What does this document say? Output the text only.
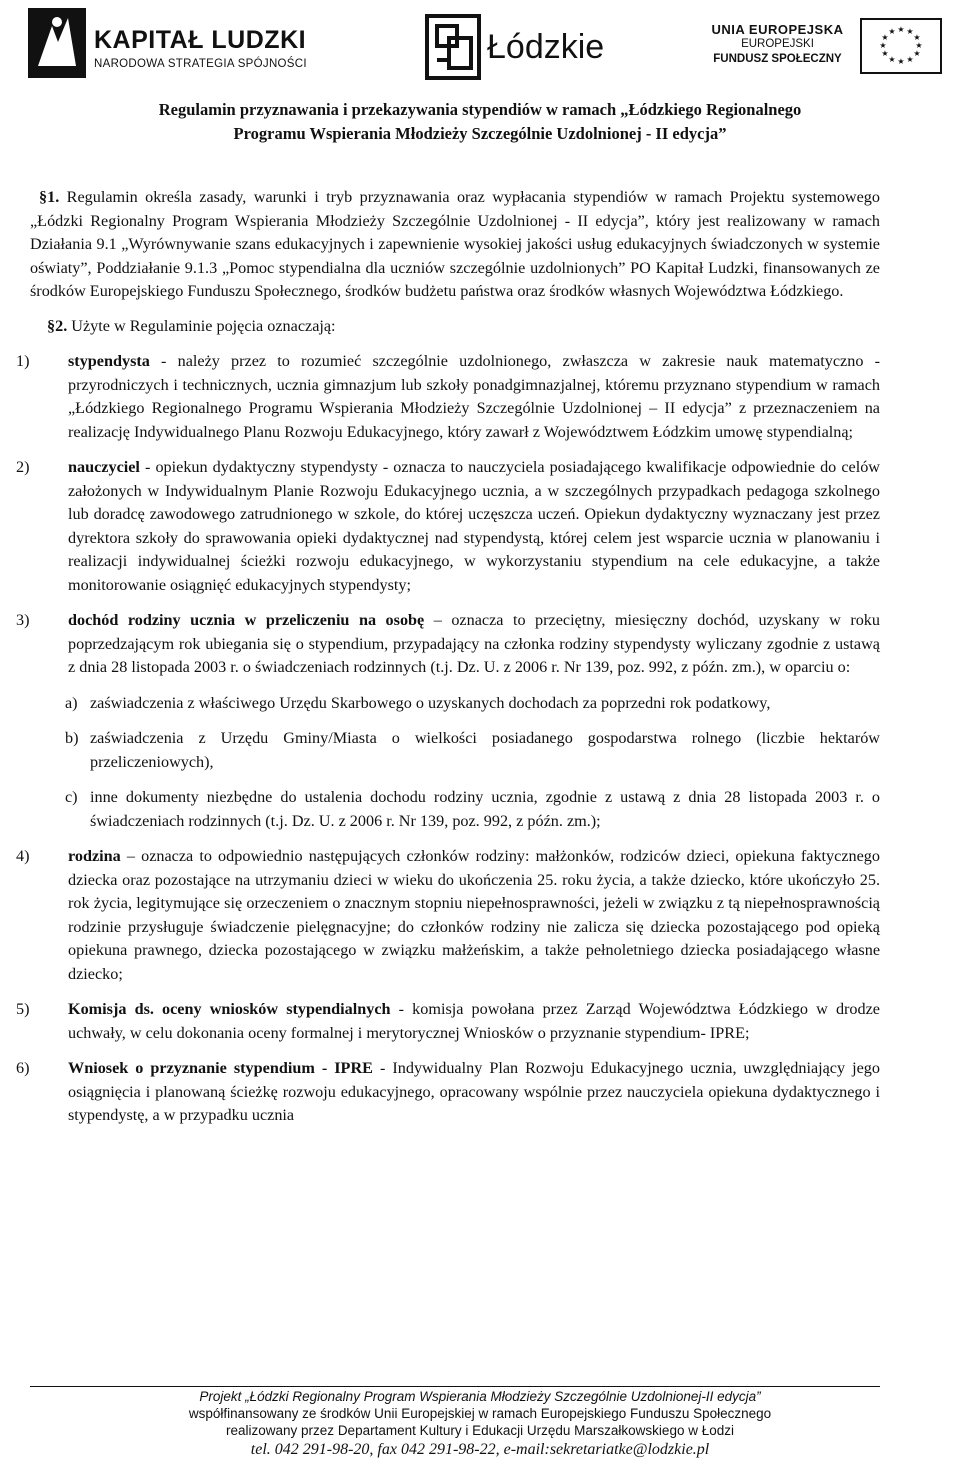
KAPITAŁ LUDZKI
NARODOWA STRATEGIA SPÓJNOŚCI	Łódzkie	UNIA EUROPEJSKA
EUROPEJSKI
FUNDUSZ SPOŁECZNY
★ ★
★
★
★
★
★
★
★
★
★
★
Regulamin przyznawania i przekazywania stypendiów w ramach „Łódzkiego Regionalnego
Programu Wspierania Młodzieży Szczególnie Uzdolnionej - II edycja”

§1. Regulamin określa zasady, warunki i tryb przyznawania oraz wypłacania stypendiów w ramach Projektu systemowego „Łódzki Regionalny Program Wspierania Młodzieży Szczególnie Uzdolnionej - II edycja”, który jest realizowany w ramach Działania 9.1 „Wyrównywanie szans edukacyjnych i zapewnienie wysokiej jakości usług edukacyjnych świadczonych w systemie oświaty”, Poddziałanie 9.1.3 „Pomoc stypendialna dla uczniów szczególnie uzdolnionych” PO Kapitał Ludzki, finansowanych ze środków Europejskiego Funduszu Społecznego, środków budżetu państwa oraz środków własnych Województwa Łódzkiego.

§2. Użyte w Regulaminie pojęcia oznaczają:

1) stypendysta - należy przez to rozumieć szczególnie uzdolnionego, zwłaszcza w zakresie nauk matematyczno - przyrodniczych i technicznych, ucznia gimnazjum lub szkoły ponadgimnazjalnej, któremu przyznano stypendium w ramach „Łódzkiego Regionalnego Programu Wspierania Młodzieży Szczególnie Uzdolnionej – II edycja” z przeznaczeniem na realizację Indywidualnego Planu Rozwoju Edukacyjnego, który zawarł z Województwem Łódzkim umowę stypendialną;
2) nauczyciel - opiekun dydaktyczny stypendysty - oznacza to nauczyciela posiadającego kwalifikacje odpowiednie do celów założonych w Indywidualnym Planie Rozwoju Edukacyjnego ucznia, a w szczególnych przypadkach pedagoga szkolnego lub doradcę zawodowego zatrudnionego w szkole, do której uczęszcza uczeń. Opiekun dydaktyczny wyznaczany jest przez dyrektora szkoły do sprawowania opieki dydaktycznej nad stypendystą, której celem jest wsparcie ucznia w planowaniu i realizacji indywidualnej ścieżki rozwoju edukacyjnego, w wykorzystaniu stypendium na cele edukacyjne, a także monitorowanie osiągnięć edukacyjnych stypendysty;
3) dochód rodziny ucznia w przeliczeniu na osobę – oznacza to przeciętny, miesięczny dochód, uzyskany w roku poprzedzającym rok ubiegania się o stypendium, przypadający na członka rodziny stypendysty wyliczany zgodnie z ustawą z dnia 28 listopada 2003 r. o świadczeniach rodzinnych (t.j. Dz. U. z 2006 r. Nr 139, poz. 992, z późn. zm.), w oparciu o:
a) zaświadczenia z właściwego Urzędu Skarbowego o uzyskanych dochodach za poprzedni rok podatkowy,
b) zaświadczenia z Urzędu Gminy/Miasta o wielkości posiadanego gospodarstwa rolnego (liczbie hektarów przeliczeniowych),
c) inne dokumenty niezbędne do ustalenia dochodu rodziny ucznia, zgodnie z ustawą z dnia 28 listopada 2003 r. o świadczeniach rodzinnych (t.j. Dz. U. z 2006 r. Nr 139, poz. 992, z późn. zm.);
4) rodzina – oznacza to odpowiednio następujących członków rodziny: małżonków, rodziców dzieci, opiekuna faktycznego dziecka oraz pozostające na utrzymaniu dzieci w wieku do ukończenia 25. roku życia, a także dziecko, które ukończyło 25. rok życia, legitymujące się orzeczeniem o znacznym stopniu niepełnosprawności, jeżeli w związku z tą niepełnosprawnością rodzinie przysługuje świadczenie pielęgnacyjne; do członków rodziny nie zalicza się dziecka pozostającego pod opieką opiekuna prawnego, dziecka pozostającego w związku małżeńskim, a także pełnoletniego dziecka posiadającego własne dziecko;
5) Komisja ds. oceny wniosków stypendialnych - komisja powołana przez Zarząd Województwa Łódzkiego w drodze uchwały, w celu dokonania oceny formalnej i merytorycznej Wniosków o przyznanie stypendium- IPRE;
6) Wniosek o przyznanie stypendium - IPRE - Indywidualny Plan Rozwoju Edukacyjnego ucznia, uwzględniający jego osiągnięcia i planowaną ścieżkę rozwoju edukacyjnego, opracowany wspólnie przez nauczyciela opiekuna dydaktycznego i stypendystę, a w przypadku ucznia
Projekt „Łódzki Regionalny Program Wspierania Młodzieży Szczególnie Uzdolnionej-II edycja”
współfinansowany ze środków Unii Europejskiej w ramach Europejskiego Funduszu Społecznego
realizowany przez Departament Kultury i Edukacji Urzędu Marszałkowskiego w Łodzi
tel. 042 291-98-20, fax 042 291-98-22, e-mail:sekretariatke@lodzkie.pl
